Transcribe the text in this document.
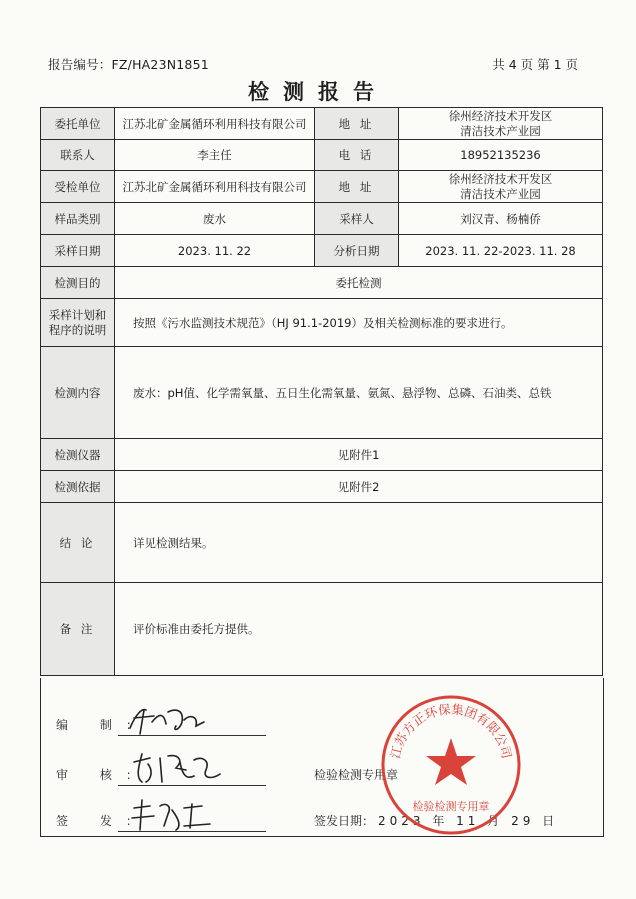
报告编号：FZ/HA23N1851	共 4 页 第 1 页
检测报告
委托单位	江苏北矿金属循环利用科技有限公司	地 址	徐州经济技术开发区
清洁技术产业园

联系人	李主任	电 话	18952135236
受检单位	江苏北矿金属循环利用科技有限公司	地 址	徐州经济技术开发区
清洁技术产业园

样品类别	废水	采样人	刘汉青、杨楠侨
采样日期	2023. 11. 22	分析日期	2023. 11. 22-2023. 11. 28
检测目的	委托检测		

采样计划和
程序的说明	按照《污水监测技术规范》（HJ 91.1-2019）及相关检测标准的要求进行。		
检测内容	废水：pH值、化学需氧量、五日生化需氧量、氨氮、悬浮物、总磷、石油类、总铁		
检测仪器	见附件1		
检测依据	见附件2		
结 论	详见检测结果。		
备 注	评价标准由委托方提供。		
编 制：
审 核：
签 发：
检验检测专用章
签发日期： 2023 年 11 月 29 日
江苏方正环保集团有限公司
检验检测专用章
